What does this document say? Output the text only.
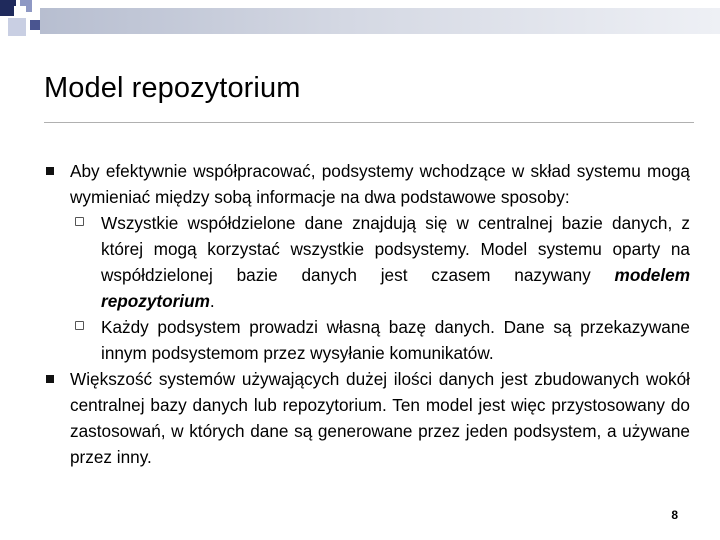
Model repozytorium
Aby efektywnie współpracować, podsystemy wchodzące w skład systemu mogą wymieniać między sobą informacje na dwa podstawowe sposoby:
Wszystkie współdzielone dane znajdują się w centralnej bazie danych, z której mogą korzystać wszystkie podsystemy. Model systemu oparty na współdzielonej bazie danych jest czasem nazywany modelem repozytorium.
Każdy podsystem prowadzi własną bazę danych. Dane są przekazywane innym podsystemom przez wysyłanie komunikatów.
Większość systemów używających dużej ilości danych jest zbudowanych wokół centralnej bazy danych lub repozytorium. Ten model jest więc przystosowany do zastosowań, w których dane są generowane przez jeden podsystem, a używane przez inny.
8
